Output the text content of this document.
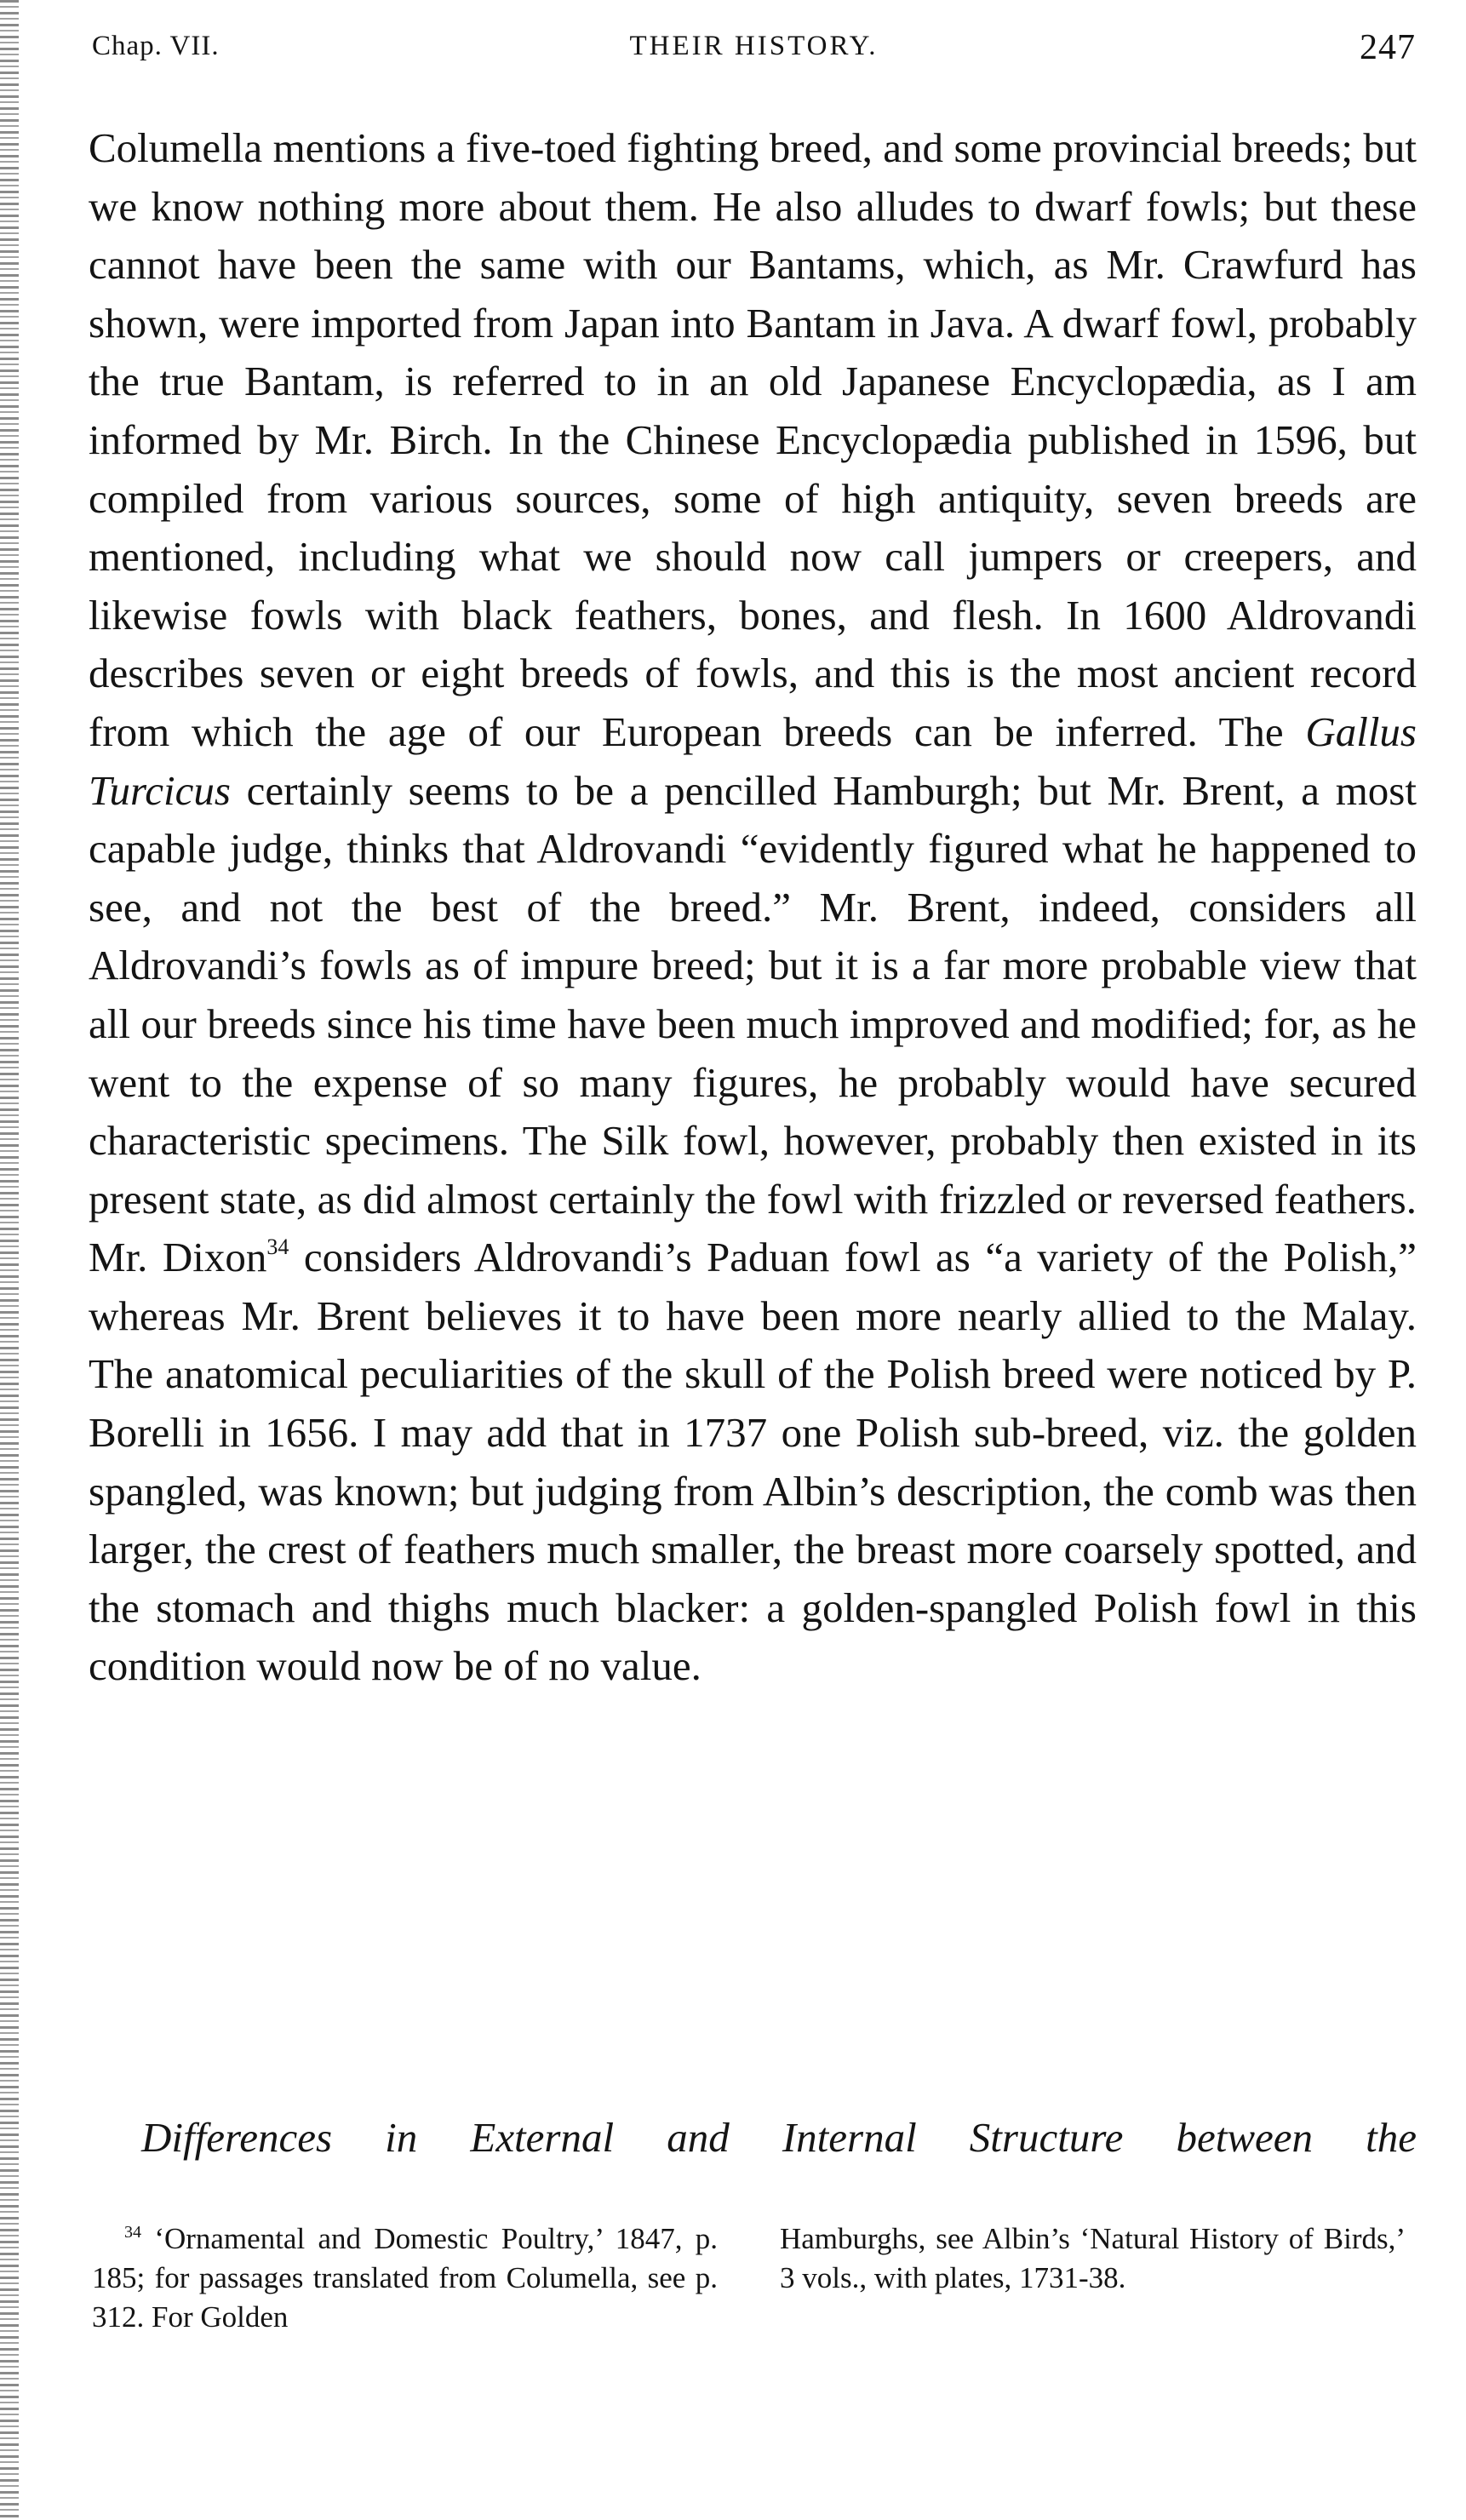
Chap. VII.	THEIR HISTORY.	247

Columella mentions a five-toed fighting breed, and some provincial breeds; but we know nothing more about them. He also alludes to dwarf fowls; but these cannot have been the same with our Bantams, which, as Mr. Crawfurd has shown, were imported from Japan into Bantam in Java. A dwarf fowl, probably the true Bantam, is referred to in an old Japanese Encyclopædia, as I am informed by Mr. Birch. In the Chinese Encyclopædia published in 1596, but compiled from various sources, some of high antiquity, seven breeds are mentioned, including what we should now call jumpers or creepers, and likewise fowls with black feathers, bones, and flesh. In 1600 Aldrovandi describes seven or eight breeds of fowls, and this is the most ancient record from which the age of our European breeds can be inferred. The Gallus Turcicus certainly seems to be a pencilled Hamburgh; but Mr. Brent, a most capable judge, thinks that Aldrovandi “evidently figured what he happened to see, and not the best of the breed.” Mr. Brent, indeed, considers all Aldrovandi’s fowls as of impure breed; but it is a far more probable view that all our breeds since his time have been much improved and modified; for, as he went to the expense of so many figures, he probably would have secured characteristic specimens. The Silk fowl, however, probably then existed in its present state, as did almost certainly the fowl with frizzled or reversed feathers. Mr. Dixon$^{34}$ considers Aldrovandi’s Paduan fowl as “a variety of the Polish,” whereas Mr. Brent believes it to have been more nearly allied to the Malay. The anatomical peculiarities of the skull of the Polish breed were noticed by P. Borelli in 1656. I may add that in 1737 one Polish sub-breed, viz. the golden spangled, was known; but judging from Albin’s description, the comb was then larger, the crest of feathers much smaller, the breast more coarsely spotted, and the stomach and thighs much blacker: a golden-spangled Polish fowl in this condition would now be of no value.

Differences in External and Internal Structure between the
$^{34}$ ‘Ornamental and Domestic Poultry,’ 1847, p. 185; for passages translated from Columella, see p. 312. For Golden
Hamburghs, see Albin’s ‘Natural History of Birds,’ 3 vols., with plates, 1731-38.
